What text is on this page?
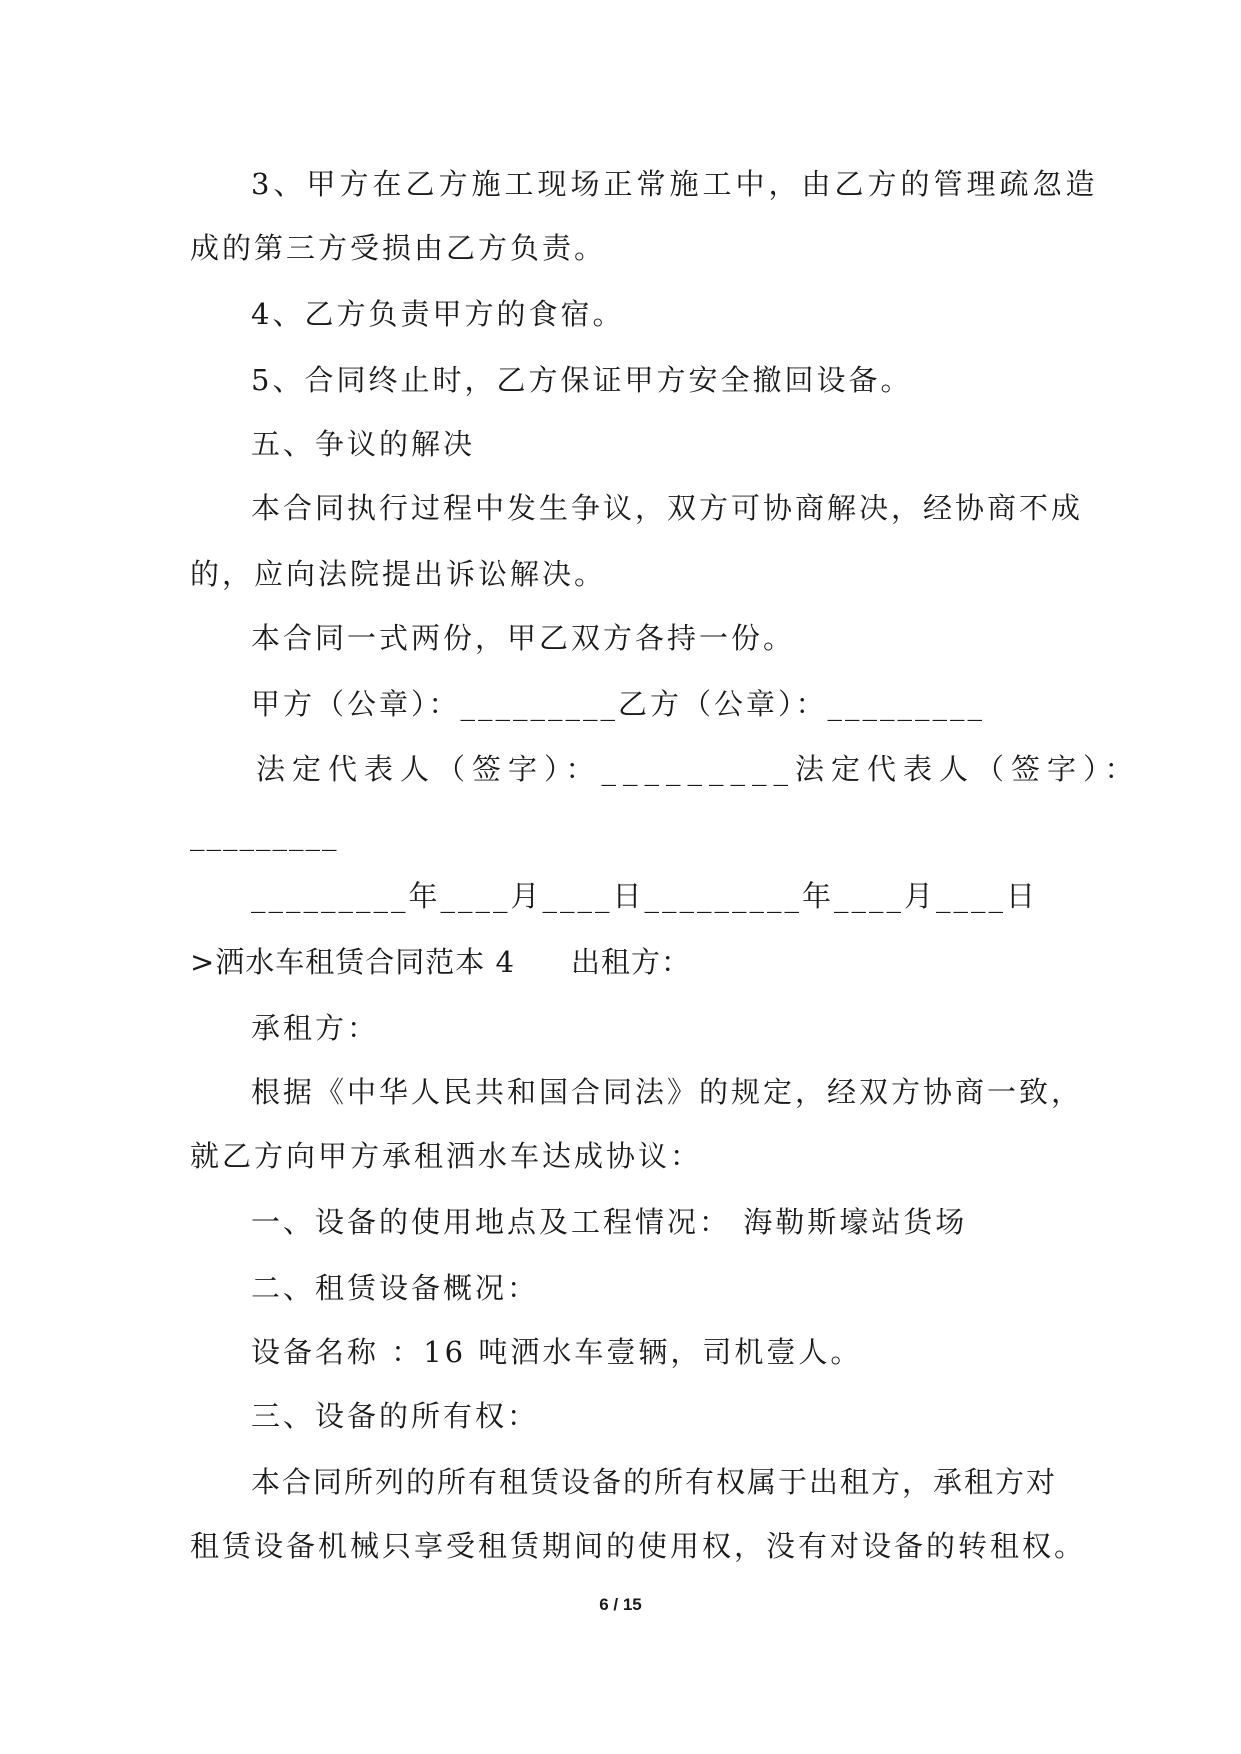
3、甲方在乙方施工现场正常施工中，由乙方的管理疏忽造
成的第三方受损由乙方负责。
4、乙方负责甲方的食宿。
5、合同终止时，乙方保证甲方安全撤回设备。
五、争议的解决
本合同执行过程中发生争议，双方可协商解决，经协商不成
的，应向法院提出诉讼解决。
本合同一式两份，甲乙双方各持一份。
甲方（公章）：_________乙方（公章）：_________
法定代表人（签字）：_________法定代表人（签字）：
_________
_________年____月____日_________年____月____日
>洒水车租赁合同范本 4 出租方：
承租方：
根据《中华人民共和国合同法》的规定，经双方协商一致，
就乙方向甲方承租洒水车达成协议：
一、设备的使用地点及工程情况： 海勒斯壕站货场
二、租赁设备概况：
设备名称 ：16 吨洒水车壹辆，司机壹人。
三、设备的所有权：
本合同所列的所有租赁设备的所有权属于出租方，承租方对
租赁设备机械只享受租赁期间的使用权，没有对设备的转租权。
6 / 15
